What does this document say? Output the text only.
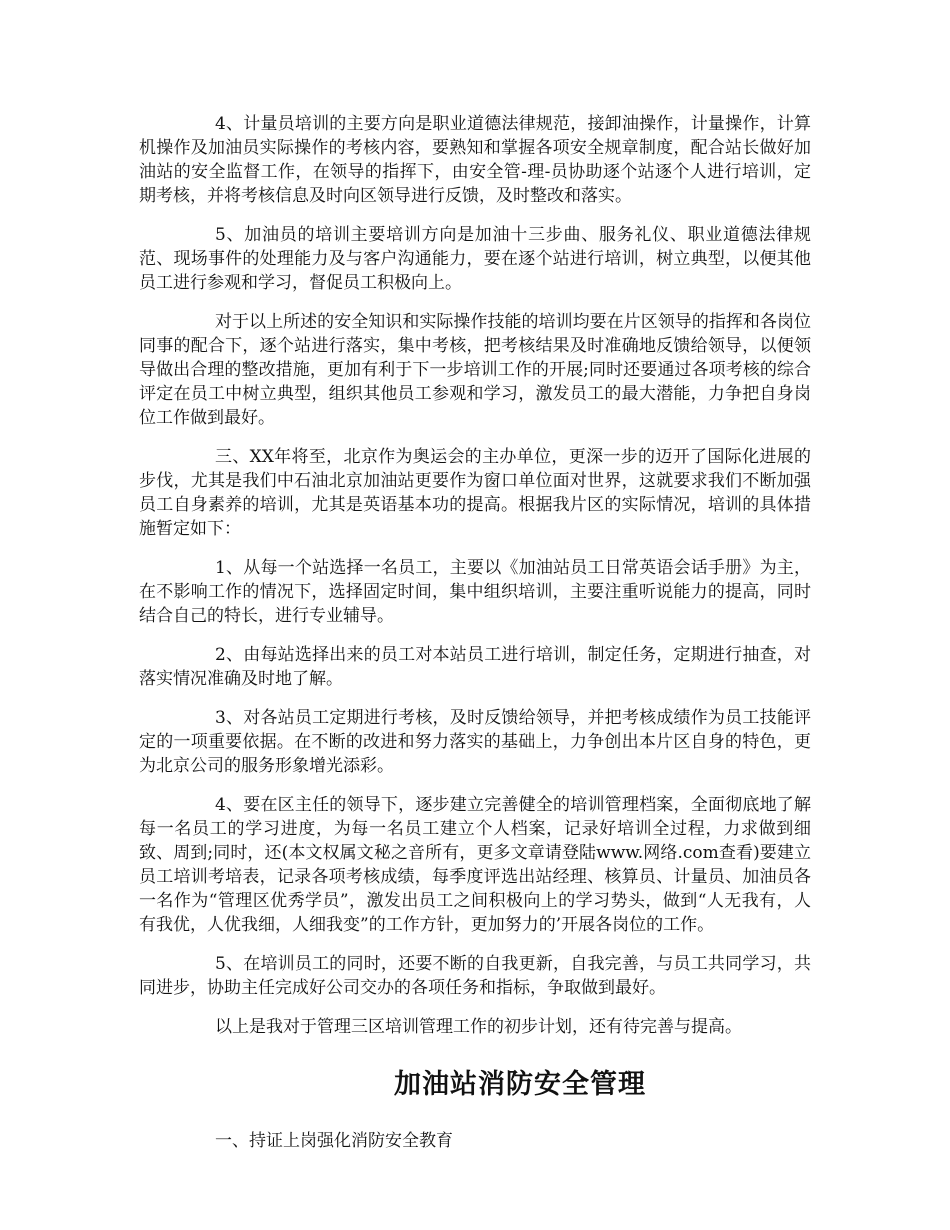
4、计量员培训的主要方向是职业道德法律规范，接卸油操作，计量操作，计算机操作及加油员实际操作的考核内容，要熟知和掌握各项安全规章制度，配合站长做好加油站的安全监督工作，在领导的指挥下，由安全管-理-员协助逐个站逐个人进行培训，定期考核，并将考核信息及时向区领导进行反馈，及时整改和落实。

5、加油员的培训主要培训方向是加油十三步曲、服务礼仪、职业道德法律规范、现场事件的处理能力及与客户沟通能力，要在逐个站进行培训，树立典型，以便其他员工进行参观和学习，督促员工积极向上。

对于以上所述的安全知识和实际操作技能的培训均要在片区领导的指挥和各岗位同事的配合下，逐个站进行落实，集中考核，把考核结果及时准确地反馈给领导，以便领导做出合理的整改措施，更加有利于下一步培训工作的开展;同时还要通过各项考核的综合评定在员工中树立典型，组织其他员工参观和学习，激发员工的最大潜能，力争把自身岗位工作做到最好。

三、XX年将至，北京作为奥运会的主办单位，更深一步的迈开了国际化进展的步伐，尤其是我们中石油北京加油站更要作为窗口单位面对世界，这就要求我们不断加强员工自身素养的培训，尤其是英语基本功的提高。根据我片区的实际情况，培训的具体措施暂定如下：

1、从每一个站选择一名员工，主要以《加油站员工日常英语会话手册》为主，在不影响工作的情况下，选择固定时间，集中组织培训，主要注重听说能力的提高，同时结合自己的特长，进行专业辅导。

2、由每站选择出来的员工对本站员工进行培训，制定任务，定期进行抽查，对落实情况准确及时地了解。

3、对各站员工定期进行考核，及时反馈给领导，并把考核成绩作为员工技能评定的一项重要依据。在不断的改进和努力落实的基础上，力争创出本片区自身的特色，更为北京公司的服务形象增光添彩。

4、要在区主任的领导下，逐步建立完善健全的培训管理档案，全面彻底地了解每一名员工的学习进度，为每一名员工建立个人档案，记录好培训全过程，力求做到细致、周到;同时，还(本文权属文秘之音所有，更多文章请登陆www.网络.com查看)要建立员工培训考培表，记录各项考核成绩，每季度评选出站经理、核算员、计量员、加油员各一名作为“管理区优秀学员”，激发出员工之间积极向上的学习势头，做到“人无我有，人有我优，人优我细，人细我变”的工作方针，更加努力的’开展各岗位的工作。

5、在培训员工的同时，还要不断的自我更新，自我完善，与员工共同学习，共同进步，协助主任完成好公司交办的各项任务和指标，争取做到最好。

以上是我对于管理三区培训管理工作的初步计划，还有待完善与提高。

加油站消防安全管理

一、持证上岗强化消防安全教育
